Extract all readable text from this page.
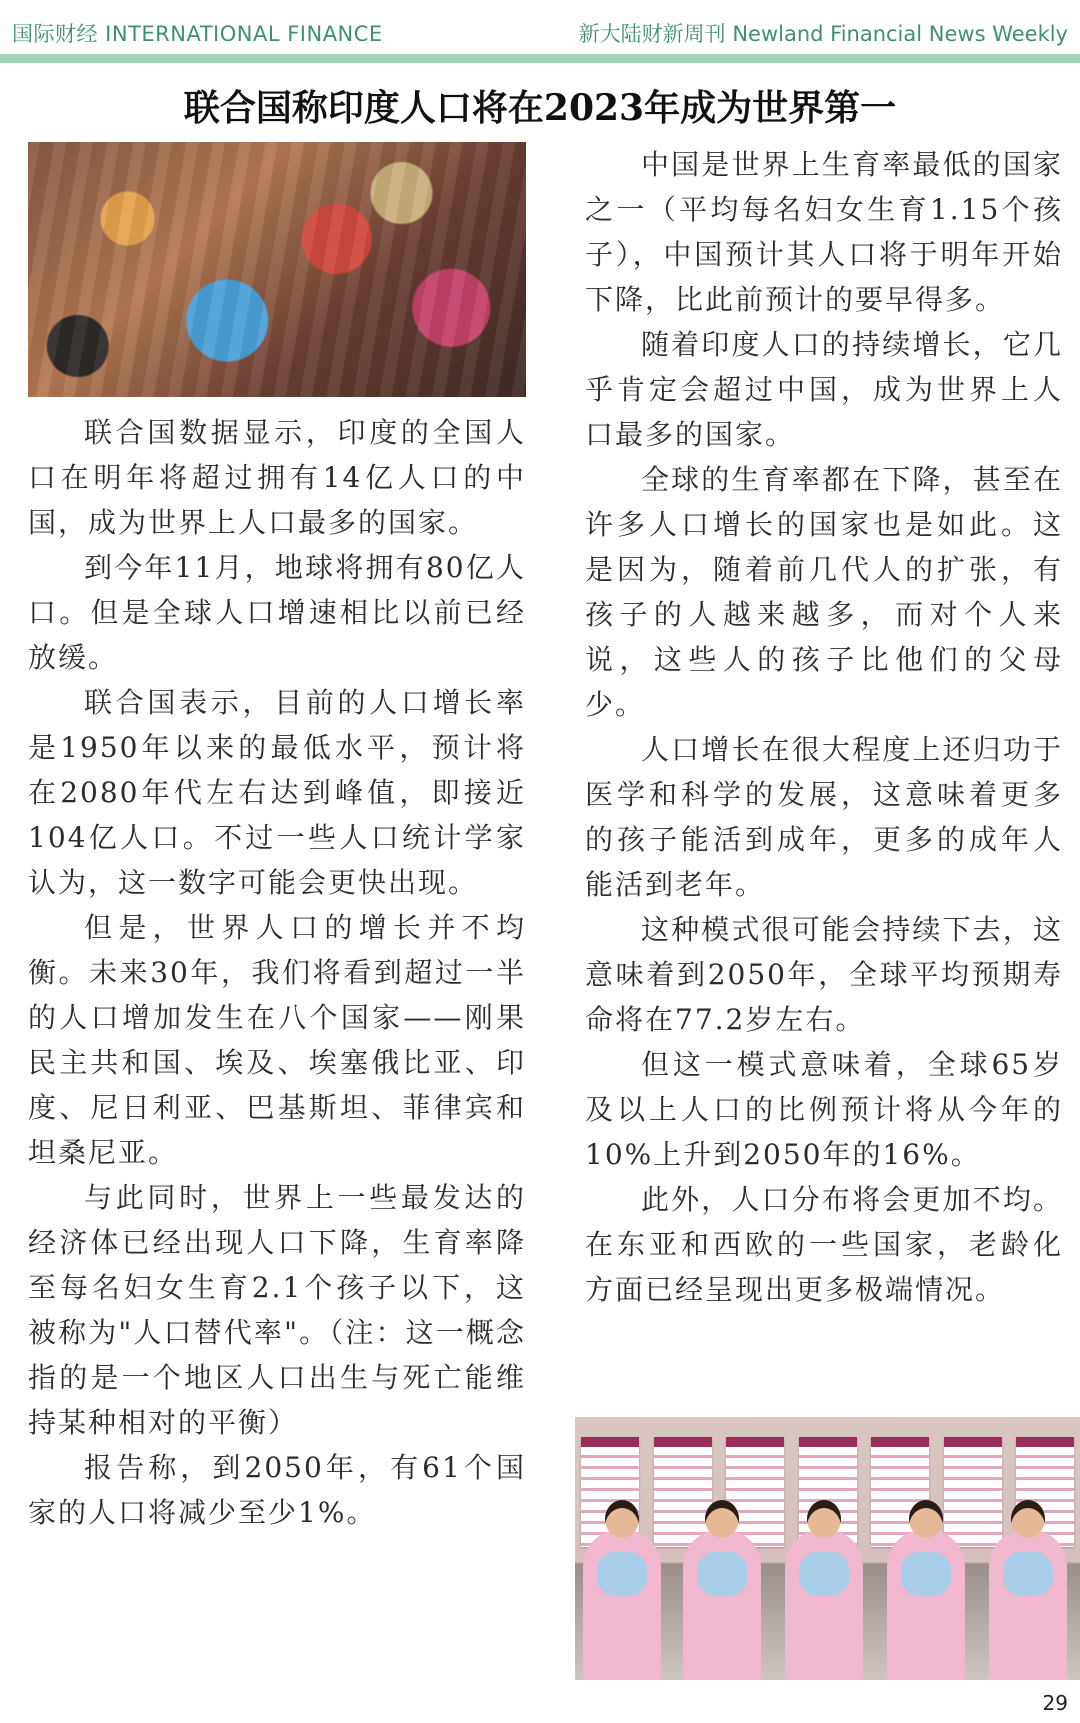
国际财经 INTERNATIONAL FINANCE	新大陆财新周刊 Newland Financial News Weekly
联合国称印度人口将在2023年成为世界第一

联合国数据显示，印度的全国人口在明年将超过拥有14亿人口的中国，成为世界上人口最多的国家。

到今年11月，地球将拥有80亿人口。但是全球人口增速相比以前已经放缓。

联合国表示，目前的人口增长率是1950年以来的最低水平，预计将在2080年代左右达到峰值，即接近104亿人口。不过一些人口统计学家认为，这一数字可能会更快出现。

但是，世界人口的增长并不均衡。未来30年，我们将看到超过一半的人口增加发生在八个国家——刚果民主共和国、埃及、埃塞俄比亚、印度、尼日利亚、巴基斯坦、菲律宾和坦桑尼亚。

与此同时，世界上一些最发达的经济体已经出现人口下降，生育率降至每名妇女生育2.1个孩子以下，这被称为"人口替代率"。（注：这一概念指的是一个地区人口出生与死亡能维持某种相对的平衡）

报告称，到2050年，有61个国家的人口将减少至少1%。

中国是世界上生育率最低的国家之一（平均每名妇女生育1.15个孩子），中国预计其人口将于明年开始下降，比此前预计的要早得多。

随着印度人口的持续增长，它几乎肯定会超过中国，成为世界上人口最多的国家。

全球的生育率都在下降，甚至在许多人口增长的国家也是如此。这是因为，随着前几代人的扩张，有孩子的人越来越多，而对个人来说，这些人的孩子比他们的父母少。

人口增长在很大程度上还归功于医学和科学的发展，这意味着更多的孩子能活到成年，更多的成年人能活到老年。

这种模式很可能会持续下去，这意味着到2050年，全球平均预期寿命将在77.2岁左右。

但这一模式意味着，全球65岁及以上人口的比例预计将从今年的10%上升到2050年的16%。

此外，人口分布将会更加不均。在东亚和西欧的一些国家，老龄化方面已经呈现出更多极端情况。

29
